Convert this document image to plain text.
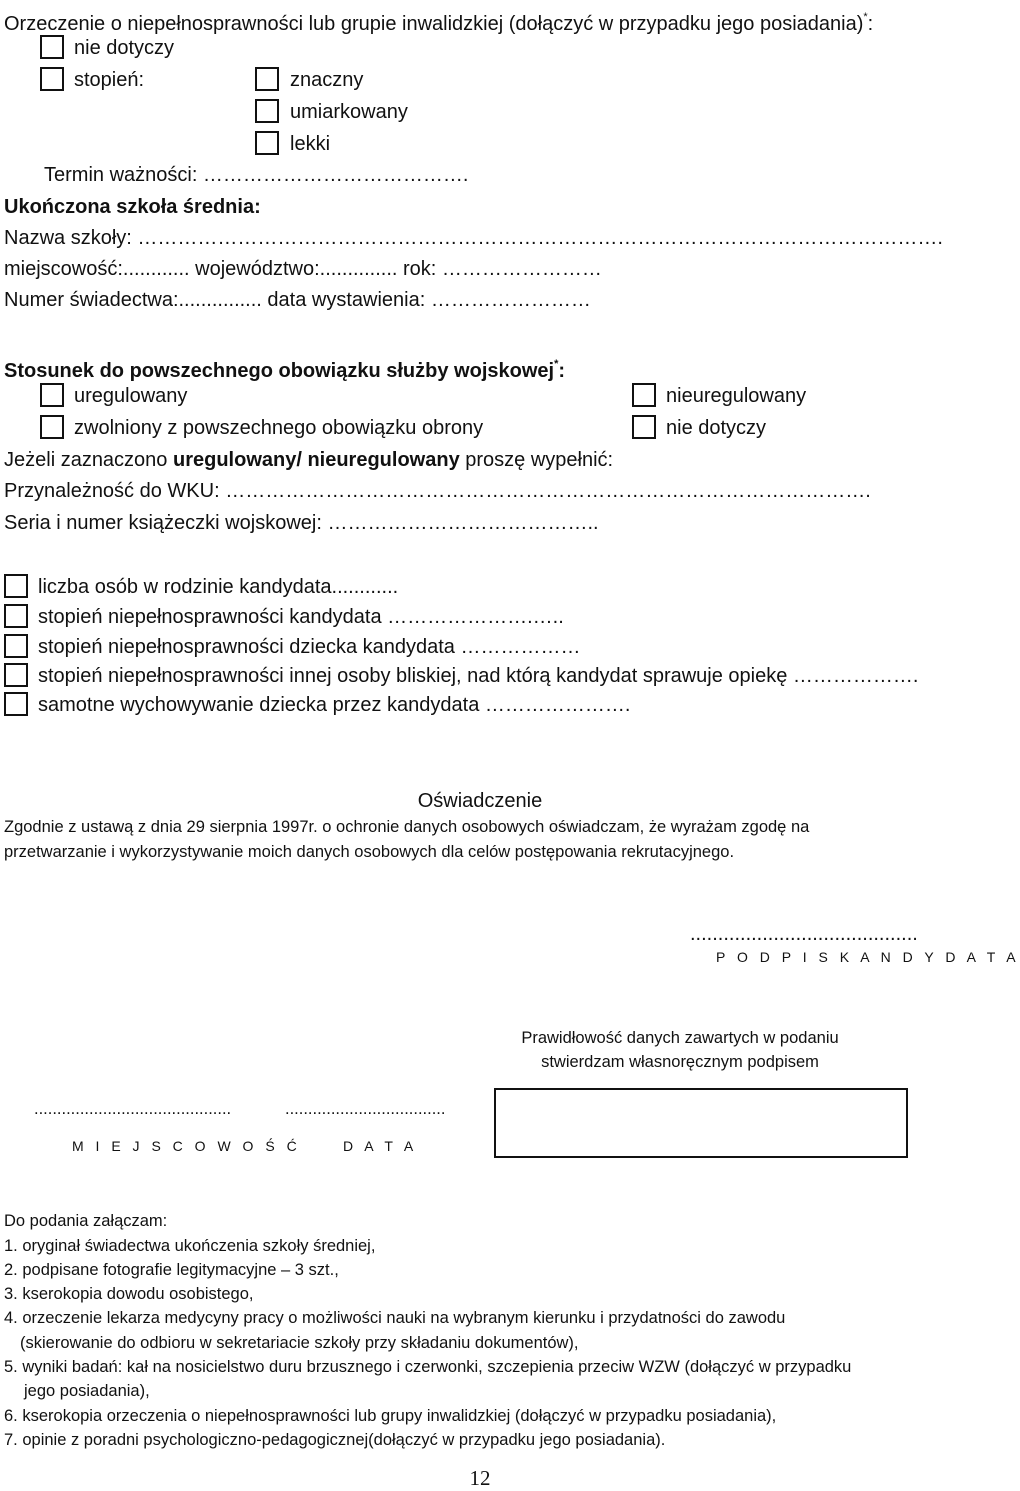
Orzeczenie o niepełnosprawności lub grupie inwalidzkiej (dołączyć w przypadku jego posiadania)*:
nie dotyczy
stopień:	znaczny
umiarkowany
lekki
Termin ważności: ………………………………….
Ukończona szkoła średnia:
Nazwa szkoły: ………………………………………………………………………………………………………….
miejscowość:............ województwo:.............. rok: ……………………
Numer świadectwa:............... data wystawienia: ……………………
Stosunek do powszechnego obowiązku służby wojskowej*:
uregulowany	nieuregulowany
zwolniony z powszechnego obowiązku obrony	nie dotyczy
Jeżeli zaznaczono uregulowany/ nieuregulowany proszę wypełnić:
Przynależność do WKU: …………………………………………………………………………………….
Seria i numer książeczki wojskowej: …………………………………..
liczba osób w rodzinie kandydata............
stopień niepełnosprawności kandydata ………………….…..
stopień niepełnosprawności dziecka kandydata ………………
stopień niepełnosprawności innej osoby bliskiej, nad którą kandydat sprawuje opiekę ……………….
samotne wychowywanie dziecka przez kandydata ………………….
Oświadczenie
Zgodnie z ustawą z dnia 29 sierpnia 1997r. o ochronie danych osobowych oświadczam, że wyrażam zgodę na
przetwarzanie i wykorzystywanie moich danych osobowych dla celów postępowania rekrutacyjnego.
.........................................
P O D P I S K A N D Y D A T A
Prawidłowość danych zawartych w podaniu
stwierdzam własnoręcznym podpisem
...........................................	...................................
M I E J S C O W O Ś Ć	D A T A
Do podania załączam:
1. oryginał świadectwa ukończenia szkoły średniej,
2. podpisane fotografie legitymacyjne – 3 szt.,
3. kserokopia dowodu osobistego,
4. orzeczenie lekarza medycyny pracy o możliwości nauki na wybranym kierunku i przydatności do zawodu
(skierowanie do odbioru w sekretariacie szkoły przy składaniu dokumentów),
5. wyniki badań: kał na nosicielstwo duru brzusznego i czerwonki, szczepienia przeciw WZW (dołączyć w przypadku
jego posiadania),
6. kserokopia orzeczenia o niepełnosprawności lub grupy inwalidzkiej (dołączyć w przypadku posiadania),
7. opinie z poradni psychologiczno-pedagogicznej(dołączyć w przypadku jego posiadania).
12
